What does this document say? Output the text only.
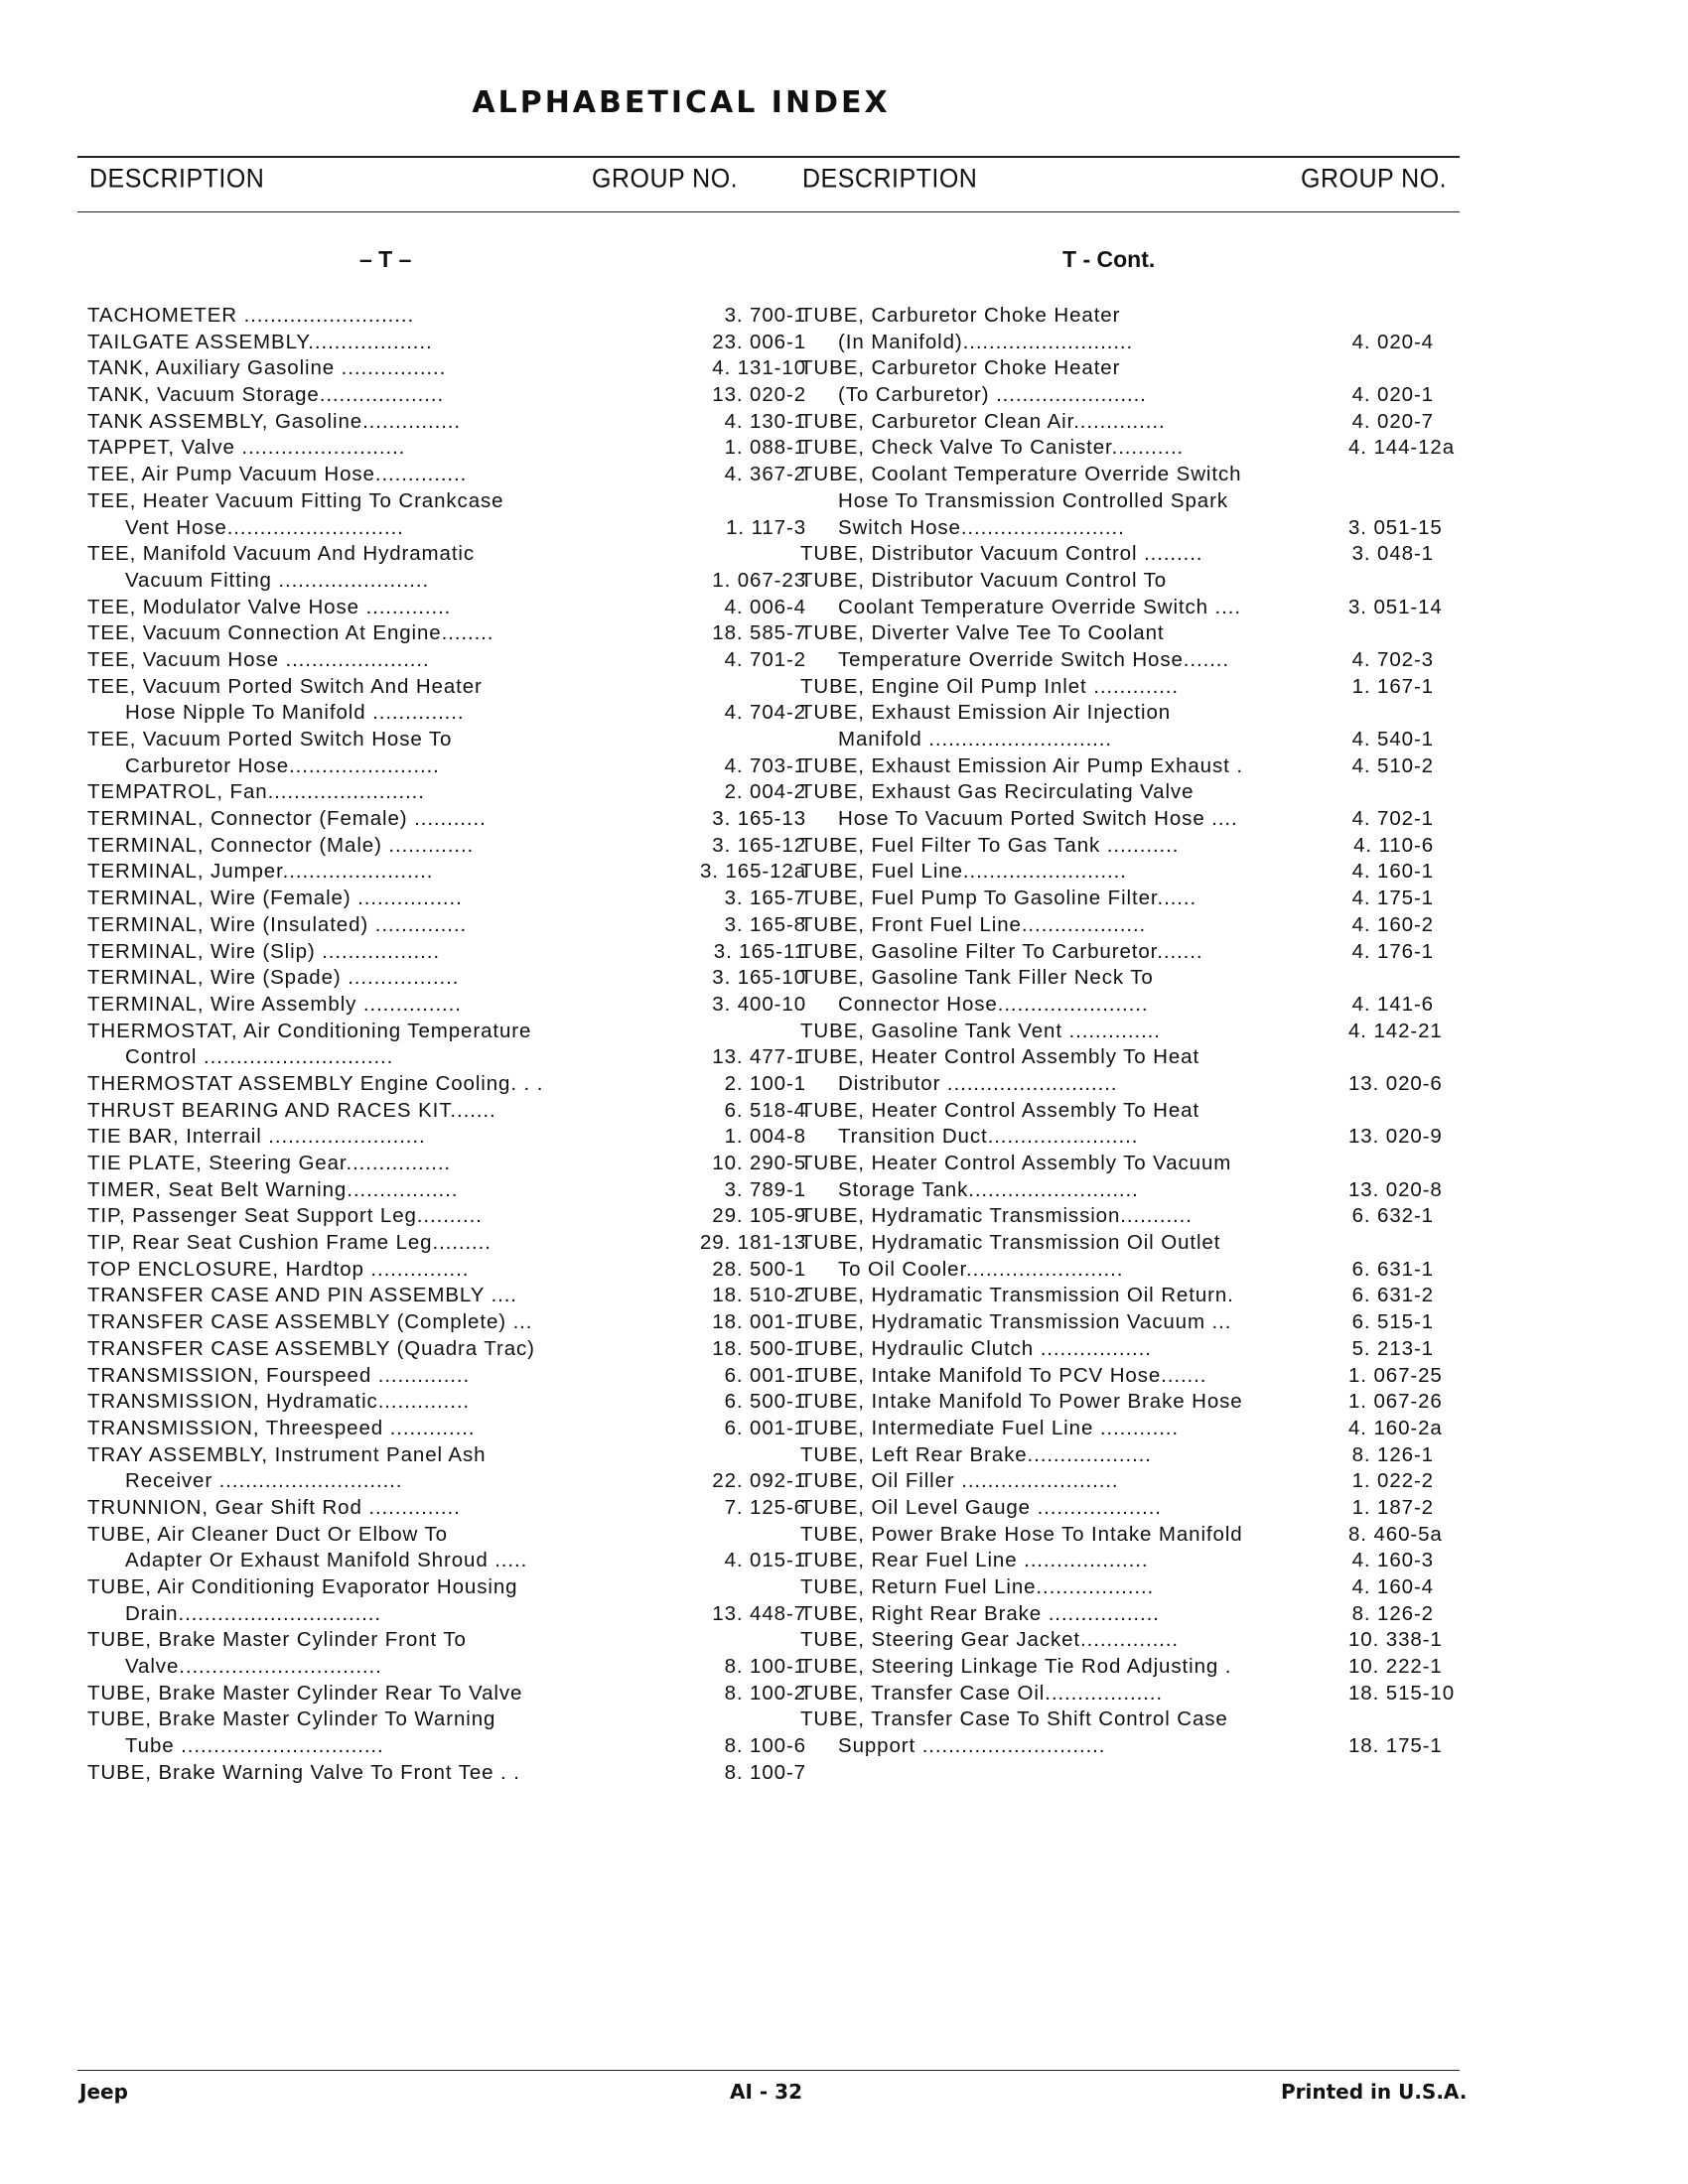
ALPHABETICAL INDEX
DESCRIPTION	GROUP NO.	DESCRIPTION	GROUP NO.
– T –	T - Cont.
TACHOMETER ..........................	3. 700-1
TAILGATE ASSEMBLY...................	23. 006-1
TANK, Auxiliary Gasoline ................	4. 131-10
TANK, Vacuum Storage...................	13. 020-2
TANK ASSEMBLY, Gasoline...............	4. 130-1
TAPPET, Valve .........................	1. 088-1
TEE, Air Pump Vacuum Hose..............	4. 367-2
TEE, Heater Vacuum Fitting To Crankcase
Vent Hose...........................	1. 117-3
TEE, Manifold Vacuum And Hydramatic
Vacuum Fitting .......................	1. 067-23
TEE, Modulator Valve Hose .............	4. 006-4
TEE, Vacuum Connection At Engine........	18. 585-7
TEE, Vacuum Hose ......................	4. 701-2
TEE, Vacuum Ported Switch And Heater
Hose Nipple To Manifold ..............	4. 704-2
TEE, Vacuum Ported Switch Hose To
Carburetor Hose.......................	4. 703-1
TEMPATROL, Fan........................	2. 004-2
TERMINAL, Connector (Female) ...........	3. 165-13
TERMINAL, Connector (Male) .............	3. 165-12
TERMINAL, Jumper.......................	3. 165-12a
TERMINAL, Wire (Female) ................	3. 165-7
TERMINAL, Wire (Insulated) ..............	3. 165-8
TERMINAL, Wire (Slip) ..................	3. 165-11
TERMINAL, Wire (Spade) .................	3. 165-10
TERMINAL, Wire Assembly ...............	3. 400-10
THERMOSTAT, Air Conditioning Temperature
Control .............................	13. 477-1
THERMOSTAT ASSEMBLY Engine Cooling. . .	2. 100-1
THRUST BEARING AND RACES KIT.......	6. 518-4
TIE BAR, Interrail ........................	1. 004-8
TIE PLATE, Steering Gear................	10. 290-5
TIMER, Seat Belt Warning.................	3. 789-1
TIP, Passenger Seat Support Leg..........	29. 105-9
TIP, Rear Seat Cushion Frame Leg.........	29. 181-13
TOP ENCLOSURE, Hardtop ...............	28. 500-1
TRANSFER CASE AND PIN ASSEMBLY ....	18. 510-2
TRANSFER CASE ASSEMBLY (Complete) ...	18. 001-1
TRANSFER CASE ASSEMBLY (Quadra Trac)	18. 500-1
TRANSMISSION, Fourspeed ..............	6. 001-1
TRANSMISSION, Hydramatic..............	6. 500-1
TRANSMISSION, Threespeed .............	6. 001-1
TRAY ASSEMBLY, Instrument Panel Ash
Receiver ............................	22. 092-1
TRUNNION, Gear Shift Rod ..............	7. 125-6
TUBE, Air Cleaner Duct Or Elbow To
Adapter Or Exhaust Manifold Shroud .....	4. 015-1
TUBE, Air Conditioning Evaporator Housing
Drain...............................	13. 448-7
TUBE, Brake Master Cylinder Front To
Valve...............................	8. 100-1
TUBE, Brake Master Cylinder Rear To Valve	8. 100-2
TUBE, Brake Master Cylinder To Warning
Tube ...............................	8. 100-6
TUBE, Brake Warning Valve To Front Tee . .	8. 100-7
TUBE, Carburetor Choke Heater
(In Manifold)..........................	4. 020-4
TUBE, Carburetor Choke Heater
(To Carburetor) .......................	4. 020-1
TUBE, Carburetor Clean Air..............	4. 020-7
TUBE, Check Valve To Canister...........	4. 144-12a
TUBE, Coolant Temperature Override Switch
Hose To Transmission Controlled Spark
Switch Hose.........................	3. 051-15
TUBE, Distributor Vacuum Control .........	3. 048-1
TUBE, Distributor Vacuum Control To
Coolant Temperature Override Switch ....	3. 051-14
TUBE, Diverter Valve Tee To Coolant
Temperature Override Switch Hose.......	4. 702-3
TUBE, Engine Oil Pump Inlet .............	1. 167-1
TUBE, Exhaust Emission Air Injection
Manifold ............................	4. 540-1
TUBE, Exhaust Emission Air Pump Exhaust .	4. 510-2
TUBE, Exhaust Gas Recirculating Valve
Hose To Vacuum Ported Switch Hose ....	4. 702-1
TUBE, Fuel Filter To Gas Tank ...........	4. 110-6
TUBE, Fuel Line.........................	4. 160-1
TUBE, Fuel Pump To Gasoline Filter......	4. 175-1
TUBE, Front Fuel Line...................	4. 160-2
TUBE, Gasoline Filter To Carburetor.......	4. 176-1
TUBE, Gasoline Tank Filler Neck To
Connector Hose.......................	4. 141-6
TUBE, Gasoline Tank Vent ..............	4. 142-21
TUBE, Heater Control Assembly To Heat
Distributor ..........................	13. 020-6
TUBE, Heater Control Assembly To Heat
Transition Duct.......................	13. 020-9
TUBE, Heater Control Assembly To Vacuum
Storage Tank..........................	13. 020-8
TUBE, Hydramatic Transmission...........	6. 632-1
TUBE, Hydramatic Transmission Oil Outlet
To Oil Cooler........................	6. 631-1
TUBE, Hydramatic Transmission Oil Return.	6. 631-2
TUBE, Hydramatic Transmission Vacuum ...	6. 515-1
TUBE, Hydraulic Clutch .................	5. 213-1
TUBE, Intake Manifold To PCV Hose.......	1. 067-25
TUBE, Intake Manifold To Power Brake Hose	1. 067-26
TUBE, Intermediate Fuel Line ............	4. 160-2a
TUBE, Left Rear Brake...................	8. 126-1
TUBE, Oil Filler ........................	1. 022-2
TUBE, Oil Level Gauge ...................	1. 187-2
TUBE, Power Brake Hose To Intake Manifold	8. 460-5a
TUBE, Rear Fuel Line ...................	4. 160-3
TUBE, Return Fuel Line..................	4. 160-4
TUBE, Right Rear Brake .................	8. 126-2
TUBE, Steering Gear Jacket...............	10. 338-1
TUBE, Steering Linkage Tie Rod Adjusting .	10. 222-1
TUBE, Transfer Case Oil..................	18. 515-10
TUBE, Transfer Case To Shift Control Case
Support ............................	18. 175-1
Jeep	AI - 32	Printed in U.S.A.
